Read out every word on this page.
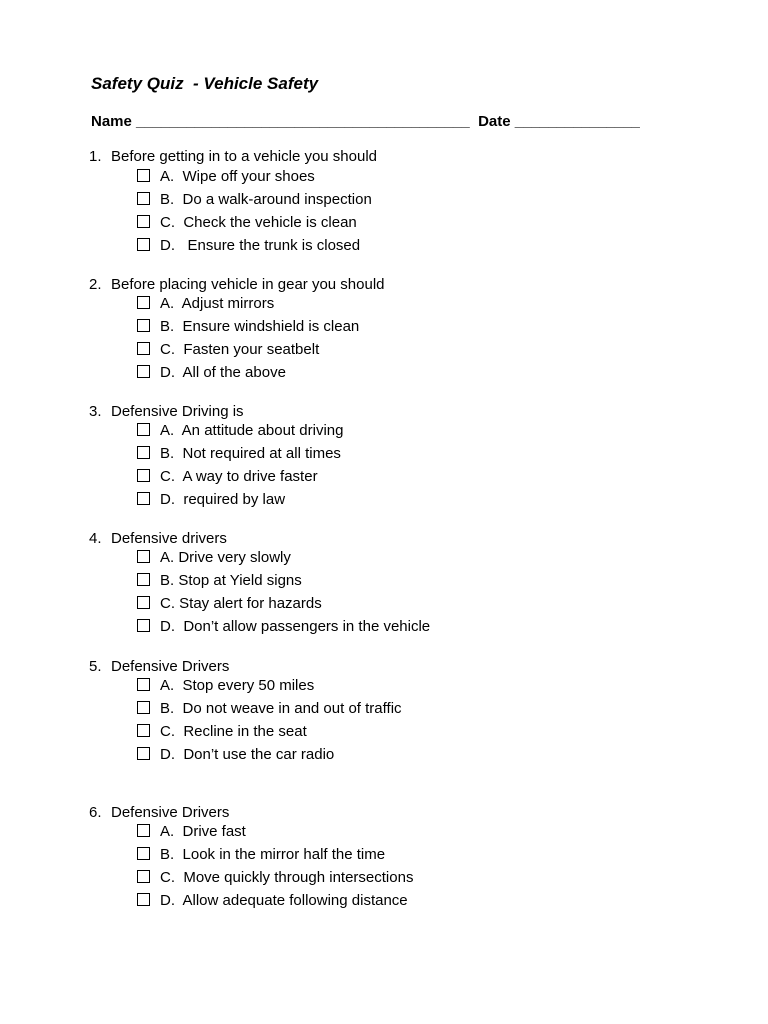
Safety Quiz  - Vehicle Safety
Name ________________________________________ Date _______________
1. Before getting in to a vehicle you should
A.  Wipe off your shoes
B.  Do a walk-around inspection
C.  Check the vehicle is clean
D.   Ensure the trunk is closed
2. Before placing vehicle in gear you should
A.  Adjust mirrors
B.  Ensure windshield is clean
C.  Fasten your seatbelt
D.  All of the above
3. Defensive Driving is
A.  An attitude about driving
B.  Not required at all times
C.  A way to drive faster
D.  required by law
4. Defensive drivers
A. Drive very slowly
B. Stop at Yield signs
C. Stay alert for hazards
D.  Don’t allow passengers in the vehicle
5. Defensive Drivers
A.  Stop every 50 miles
B.  Do not weave in and out of traffic
C.  Recline in the seat
D.  Don’t use the car radio
6. Defensive Drivers
A.  Drive fast
B.  Look in the mirror half the time
C.  Move quickly through intersections
D.  Allow adequate following distance
